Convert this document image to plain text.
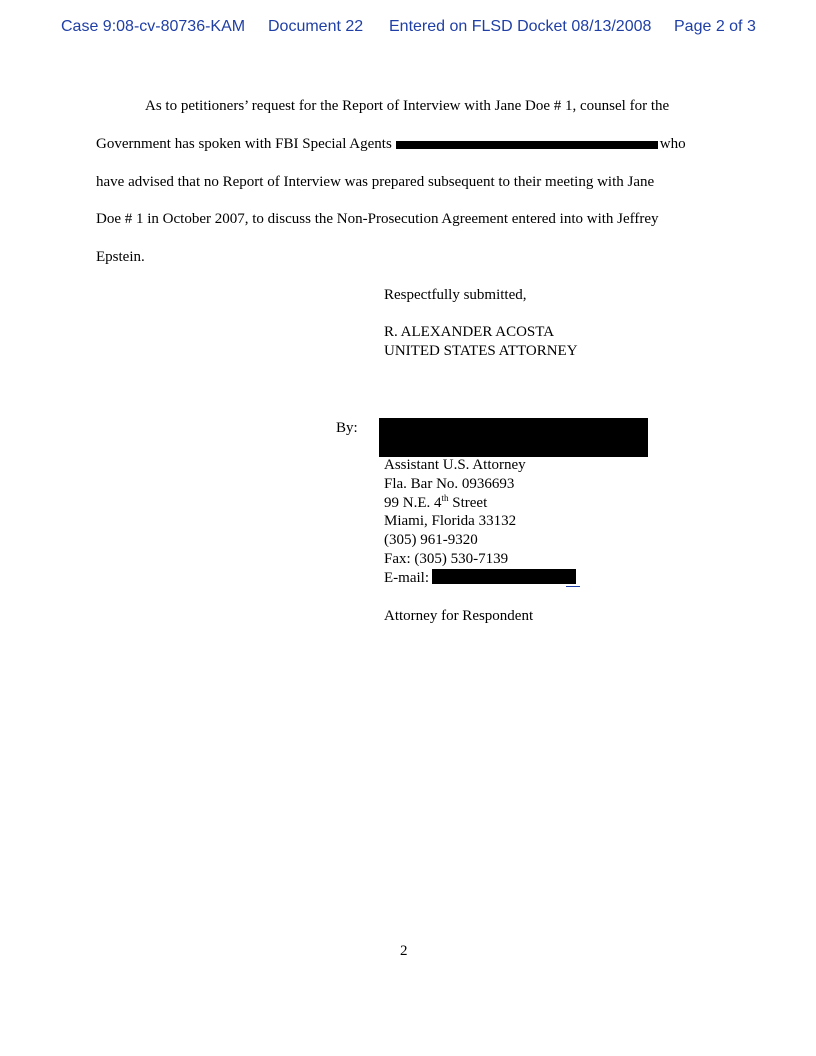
Case 9:08-cv-80736-KAM Document 22 Entered on FLSD Docket 08/13/2008 Page 2 of 3
As to petitioners’ request for the Report of Interview with Jane Doe # 1, counsel for the
Government has spoken with FBI Special Agents	who
have advised that no Report of Interview was prepared subsequent to their meeting with Jane
Doe # 1 in October 2007, to discuss the Non-Prosecution Agreement entered into with Jeffrey
Epstein.
Respectfully submitted,
R. ALEXANDER ACOSTA
UNITED STATES ATTORNEY
By:
Assistant U.S. Attorney
Fla. Bar No. 0936693
99 N.E. 4th Street
Miami, Florida 33132
(305) 961-9320
Fax: (305) 530-7139
E-mail:
Attorney for Respondent
2
